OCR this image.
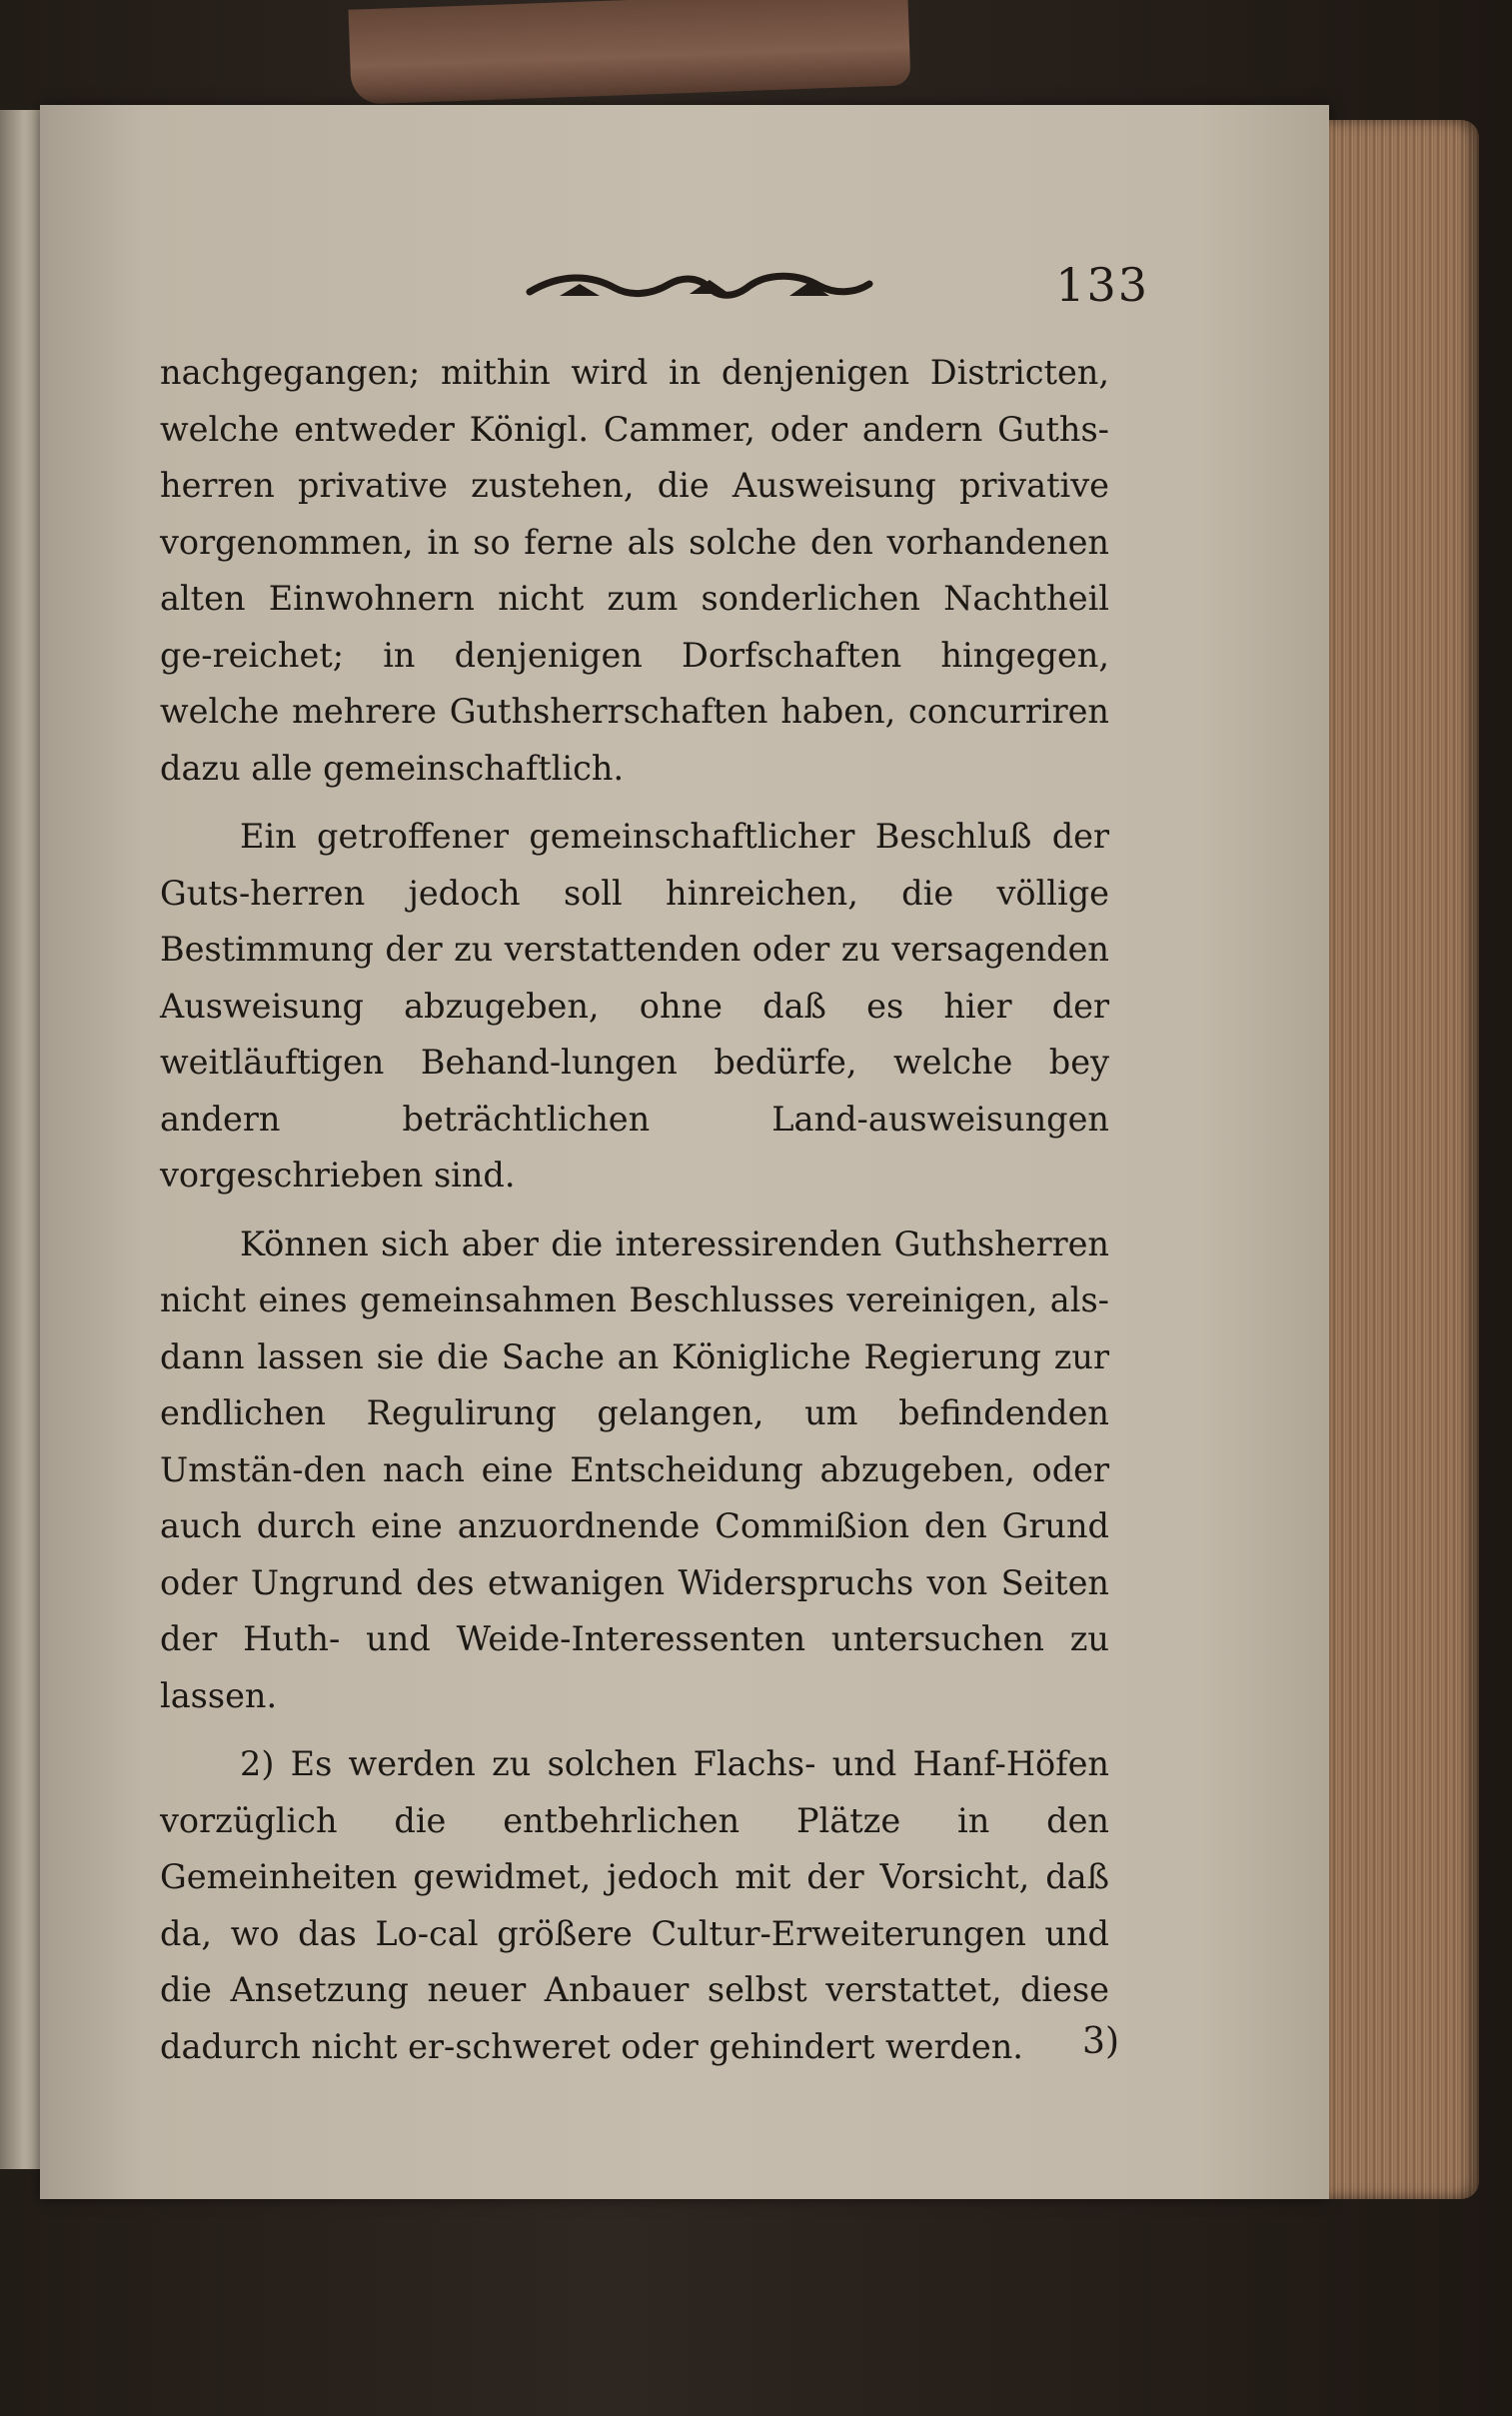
133

nachgegangen; mithin wird in denjenigen Districten, welche entweder Königl. Cammer, oder andern Guths-herren privative zustehen, die Ausweisung privative vorgenommen, in so ferne als solche den vorhandenen alten Einwohnern nicht zum sonderlichen Nachtheil ge-reichet; in denjenigen Dorfschaften hingegen, welche mehrere Guthsherrschaften haben, concurriren dazu alle gemeinschaftlich.

Ein getroffener gemeinschaftlicher Beschluß der Guts-herren jedoch soll hinreichen, die völlige Bestimmung der zu verstattenden oder zu versagenden Ausweisung abzugeben, ohne daß es hier der weitläuftigen Behand-lungen bedürfe, welche bey andern beträchtlichen Land-ausweisungen vorgeschrieben sind.

Können sich aber die interessirenden Guthsherren nicht eines gemeinsahmen Beschlusses vereinigen, als-dann lassen sie die Sache an Königliche Regierung zur endlichen Regulirung gelangen, um befindenden Umstän-den nach eine Entscheidung abzugeben, oder auch durch eine anzuordnende Commißion den Grund oder Ungrund des etwanigen Widerspruchs von Seiten der Huth- und Weide-Interessenten untersuchen zu lassen.

2) Es werden zu solchen Flachs- und Hanf-Höfen vorzüglich die entbehrlichen Plätze in den Gemeinheiten gewidmet, jedoch mit der Vorsicht, daß da, wo das Lo-cal größere Cultur-Erweiterungen und die Ansetzung neuer Anbauer selbst verstattet, diese dadurch nicht er-schweret oder gehindert werden.	3)
